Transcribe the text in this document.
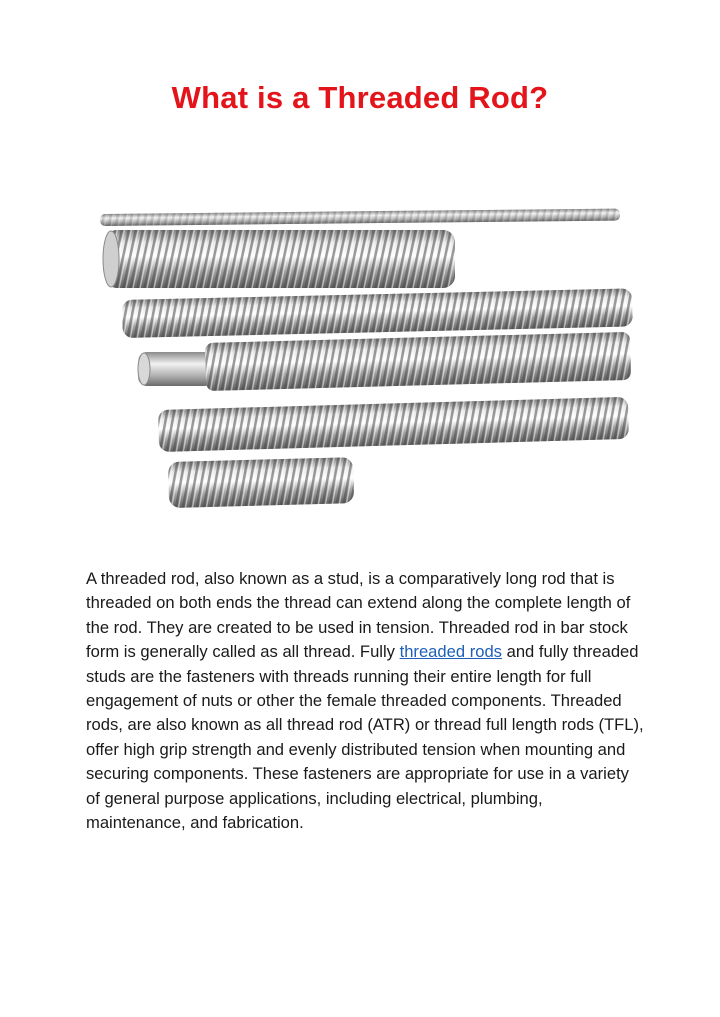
What is a Threaded Rod?

A threaded rod, also known as a stud, is a comparatively long rod that is threaded on both ends the thread can extend along the complete length of the rod. They are created to be used in tension. Threaded rod in bar stock form is generally called as all thread. Fully threaded rods and fully threaded studs are the fasteners with threads running their entire length for full engagement of nuts or other the female threaded components. Threaded rods, are also known as all thread rod (ATR) or thread full length rods (TFL), offer high grip strength and evenly distributed tension when mounting and securing components. These fasteners are appropriate for use in a variety of general purpose applications, including electrical, plumbing, maintenance, and fabrication.
